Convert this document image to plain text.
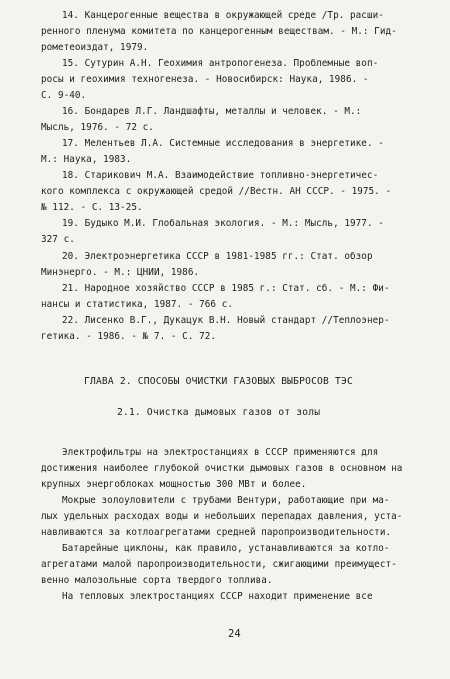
14. Канцерогенные вещества в окружающей среде /Тр. расши-
ренного пленума комитета по канцерогенным веществам. - М.: Гид-
рометеоиздат, 1979.
15. Сутурин А.Н. Геохимия антропогенеза. Проблемные воп-
росы и геохимия техногенеза. - Новосибирск: Наука, 1986. -
С. 9-40.
16. Бондарев Л.Г. Ландшафты, металлы и человек. - М.:
Мысль, 1976. - 72 с.
17. Мелентьев Л.А. Системные исследования в энергетике. -
М.: Наука, 1983.
18. Старикович М.А. Взаимодействие топливно-энергетичес-
кого комплекса с окружающей средой //Вестн. АН СССР. - 1975. -
№ 112. - С. 13-25.
19. Будыко М.И. Глобальная экология. - М.: Мысль, 1977. -
327 с.
20. Электроэнергетика СССР в 1981-1985 гг.: Стат. обзор
Минэнерго. - М.: ЦНИИ, 1986.
21. Народное хозяйство СССР в 1985 г.: Стат. сб. - М.: Фи-
нансы и статистика, 1987. - 766 с.
22. Лисенко В.Г., Дукацук В.Н. Новый стандарт //Теплоэнер-
гетика. - 1986. - № 7. - С. 72.
ГЛАВА 2. СПОСОБЫ ОЧИСТКИ ГАЗОВЫХ ВЫБРОСОВ ТЭС
2.1. Очистка дымовых газов от золы
Электрофильтры на электростанциях в СССР применяются для
достижения наиболее глубокой очистки дымовых газов в основном на
крупных энергоблоках мощностью 300 МВт и более.
Мокрые золоуловители с трубами Вентури, работающие при ма-
лых удельных расходах воды и небольших перепадах давления, уста-
навливаются за котлоагрегатами средней паропроизводительности.
Батарейные циклоны, как правило, устанавливаются за котло-
агрегатами малой паропроизводительности, сжигающими преимущест-
венно малозольные сорта твердого топлива.
На тепловых электростанциях СССР находит применение все
24
